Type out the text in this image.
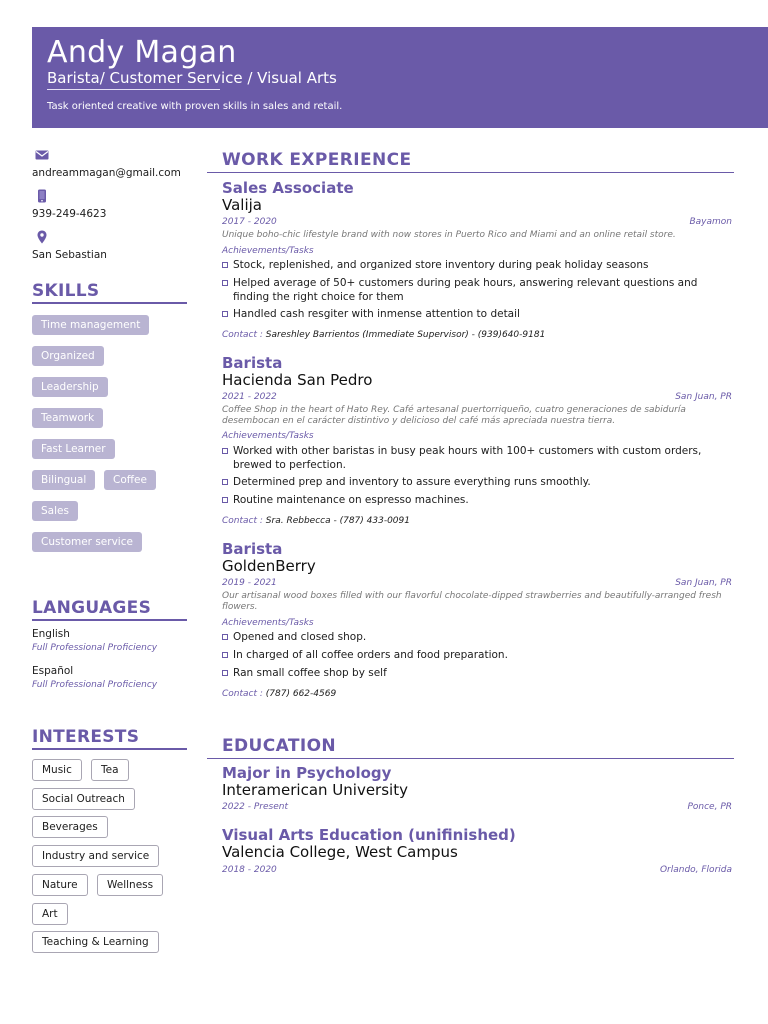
Andy Magan
Barista/ Customer Service / Visual Arts
Task oriented creative with proven skills in sales and retail.
andreammagan@gmail.com
939-249-4623
San Sebastian
SKILLS
Time management
Organized
Leadership
Teamwork
Fast Learner
Bilingual	Coffee
Sales
Customer service
LANGUAGES
English
Full Professional Proficiency
Español
Full Professional Proficiency
INTERESTS
Music	Tea
Social Outreach
Beverages
Industry and service
Nature	Wellness
Art
Teaching & Learning
WORK EXPERIENCE
Sales Associate
Valija
2017 - 2020	Bayamon
Unique boho-chic lifestyle brand with now stores in Puerto Rico and Miami and an online retail store.
Achievements/Tasks
Stock, replenished, and organized store inventory during peak holiday seasons
Helped average of 50+ customers during peak hours, answering relevant questions and finding the right choice for them
Handled cash resgiter with inmense attention to detail
Contact : Sareshley Barrientos (Immediate Supervisor) - (939)640-9181
Barista
Hacienda San Pedro
2021 - 2022	San Juan, PR
Coffee Shop in the heart of Hato Rey. Café artesanal puertorriqueño, cuatro generaciones de sabiduría desembocan en el carácter distintivo y delicioso del café más apreciada nuestra tierra.
Achievements/Tasks
Worked with other baristas in busy peak hours with 100+ customers with custom orders, brewed to perfection.
Determined prep and inventory to assure everything runs smoothly.
Routine maintenance on espresso machines.
Contact : Sra. Rebbecca - (787) 433-0091
Barista
GoldenBerry
2019 - 2021	San Juan, PR
Our artisanal wood boxes filled with our flavorful chocolate-dipped strawberries and beautifully-arranged fresh flowers.
Achievements/Tasks
Opened and closed shop.
In charged of all coffee orders and food preparation.
Ran small coffee shop by self
Contact : (787) 662-4569
EDUCATION
Major in Psychology
Interamerican University
2022 - Present	Ponce, PR
Visual Arts Education (unifinished)
Valencia College, West Campus
2018 - 2020	Orlando, Florida
